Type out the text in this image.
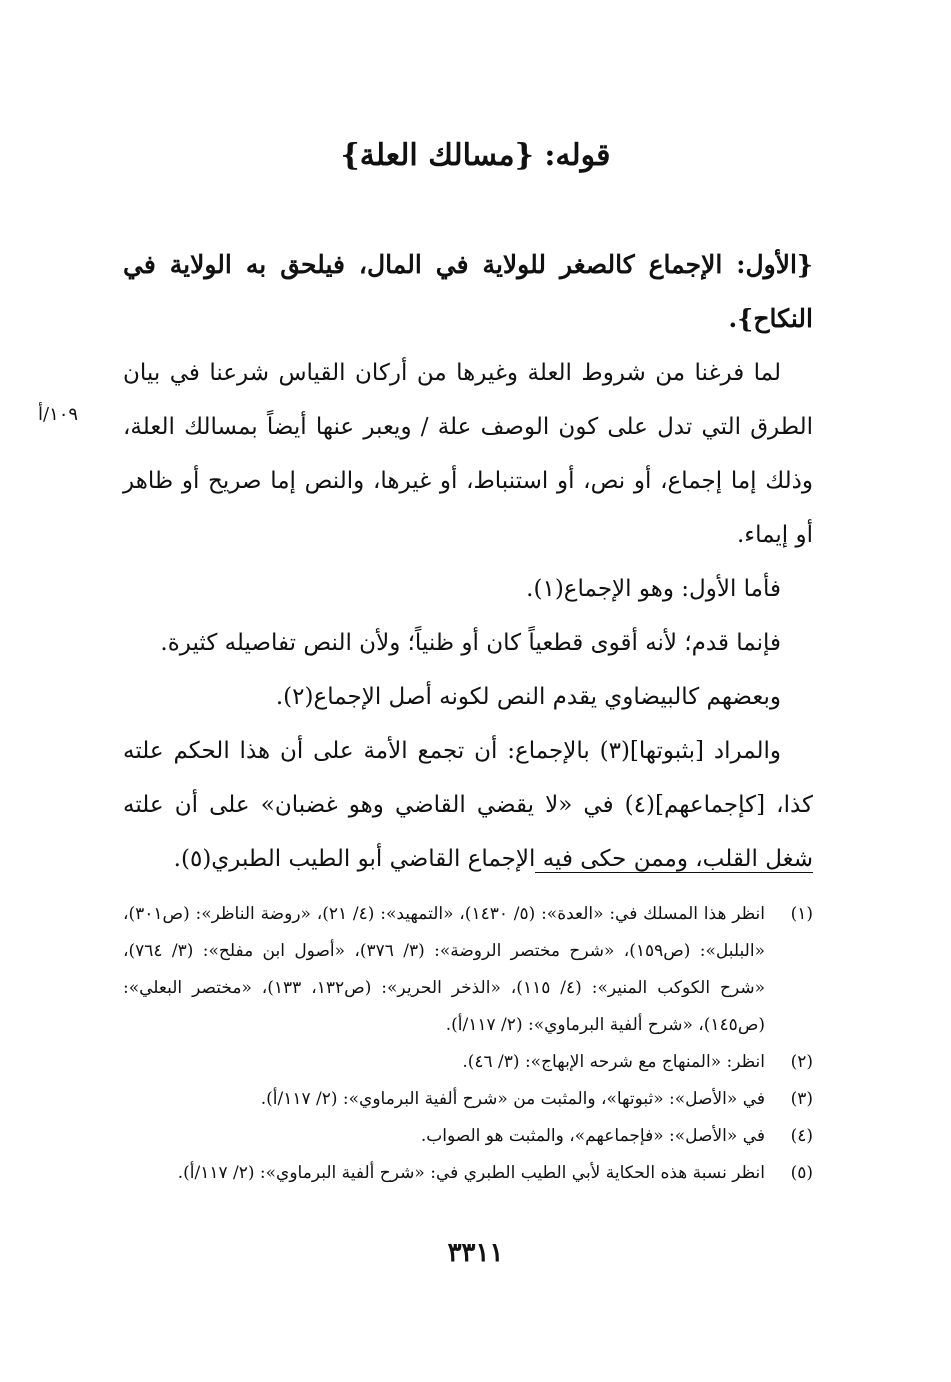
قوله: {مسالك العلة}

{الأول: الإجماع كالصغر للولاية في المال، فيلحق به الولاية في النكاح}.

لما فرغنا من شروط العلة وغيرها من أركان القياس شرعنا في بيان الطرق التي تدل على كون الوصف علة / ويعبر عنها أيضاً بمسالك العلة، وذلك إما إجماع، أو نص، أو استنباط، أو غيرها، والنص إما صريح أو ظاهر أو إيماء.

فأما الأول: وهو الإجماع(١).

فإنما قدم؛ لأنه أقوى قطعياً كان أو ظنياً؛ ولأن النص تفاصيله كثيرة.

وبعضهم كالبيضاوي يقدم النص لكونه أصل الإجماع(٢).

والمراد [بثبوتها](٣) بالإجماع: أن تجمع الأمة على أن هذا الحكم علته كذا، [كإجماعهم](٤) في «لا يقضي القاضي وهو غضبان» على أن علته شغل القلب، وممن حكى فيه الإجماع القاضي أبو الطيب الطبري(٥).

١٠٩/أ
(١)
انظر هذا المسلك في: «العدة»: (٥/ ١٤٣٠)، «التمهيد»: (٤/ ٢١)، «روضة الناظر»: (ص٣٠١)، «البلبل»: (ص١٥٩)، «شرح مختصر الروضة»: (٣/ ٣٧٦)، «أصول ابن مفلح»: (٣/ ٧٦٤)، «شرح الكوكب المنير»: (٤/ ١١٥)، «الذخر الحرير»: (ص١٣٢، ١٣٣)، «مختصر البعلي»: (ص١٤٥)، «شرح ألفية البرماوي»: (٢/ ١١٧/أ).
(٢)
انظر: «المنهاج مع شرحه الإبهاج»: (٣/ ٤٦).
(٣)
في «الأصل»: «ثبوتها»، والمثبت من «شرح ألفية البرماوي»: (٢/ ١١٧/أ).
(٤)
في «الأصل»: «فإجماعهم»، والمثبت هو الصواب.
(٥)
انظر نسبة هذه الحكاية لأبي الطيب الطبري في: «شرح ألفية البرماوي»: (٢/ ١١٧/أ).
٣٣١١
